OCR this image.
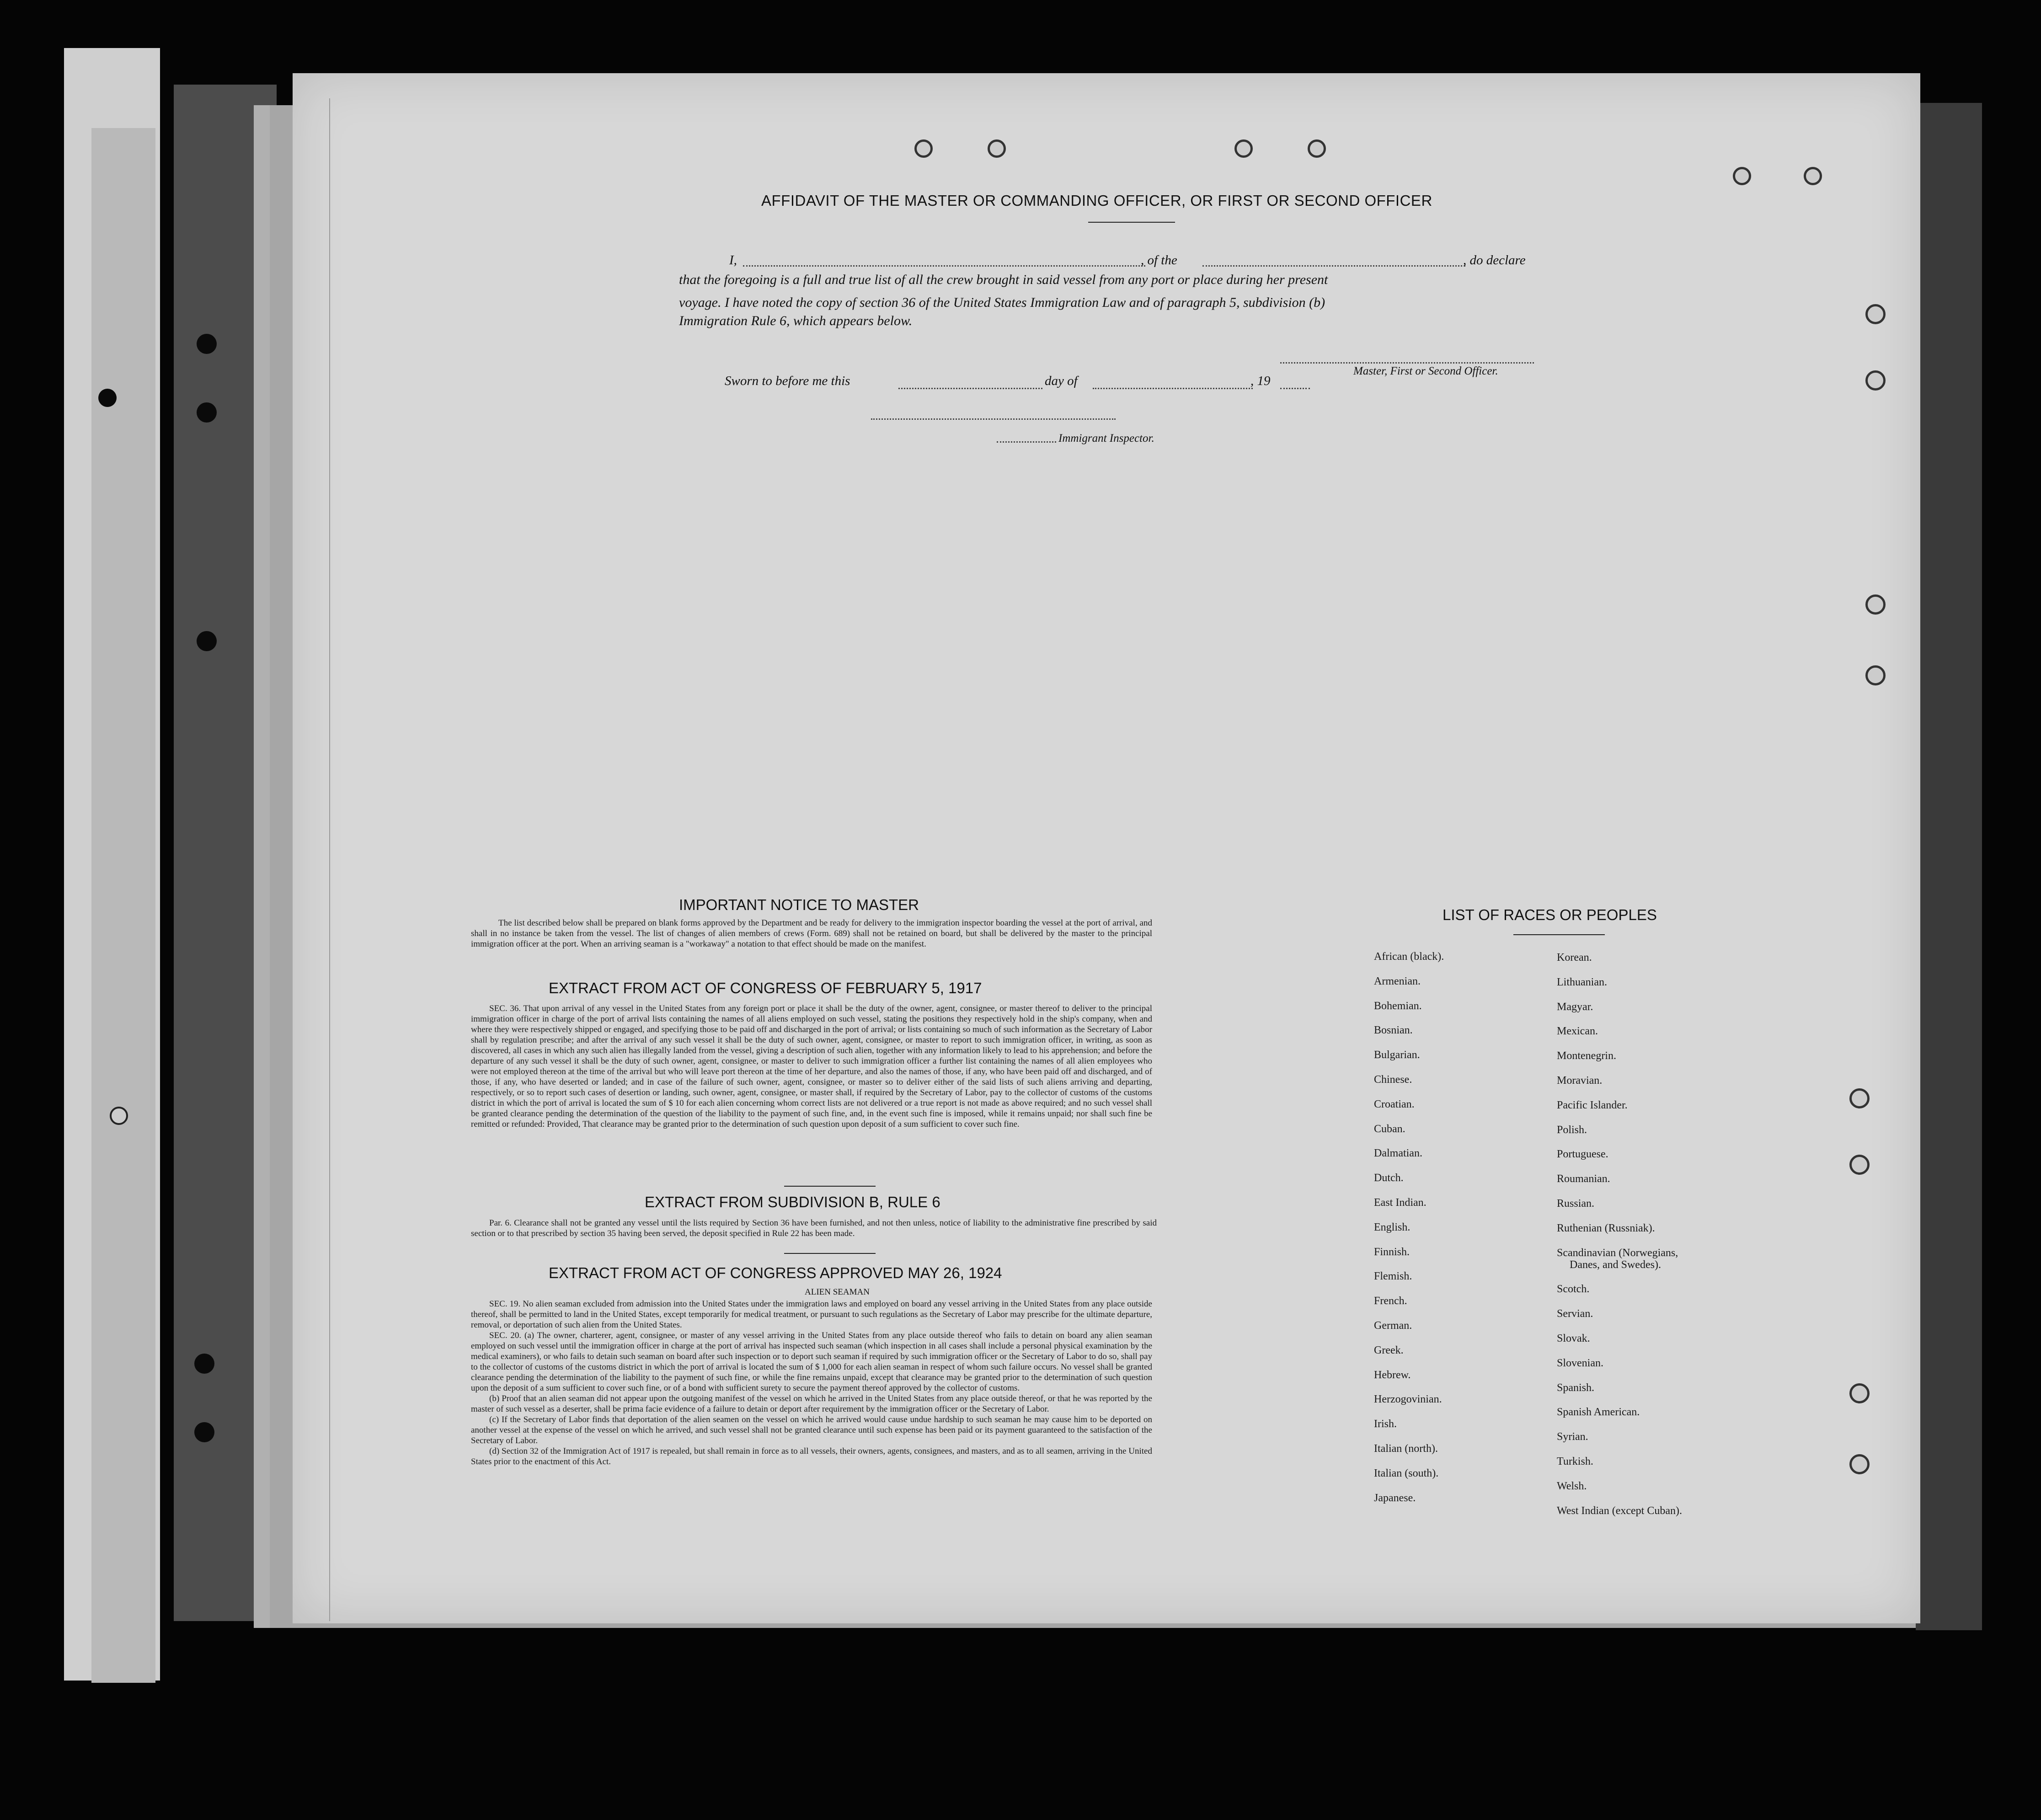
AFFIDAVIT OF THE MASTER OR COMMANDING OFFICER, OR FIRST OR SECOND OFFICER
I,	, of the	, do declare
that the foregoing is a full and true list of all the crew brought in said vessel from any port or place during her present
voyage. I have noted the copy of section 36 of the United States Immigration Law and of paragraph 5, subdivision (b)
Immigration Rule 6, which appears below.
Master, First or Second Officer.
Sworn to before me this	day of	, 19
Immigrant Inspector.
IMPORTANT NOTICE TO MASTER
The list described below shall be prepared on blank forms approved by the Department and be ready for delivery to the immigration inspector boarding the vessel at the port of arrival, and shall in no instance be taken from the vessel. The list of changes of alien members of crews (Form. 689) shall not be retained on board, but shall be delivered by the master to the principal immigration officer at the port. When an arriving seaman is a "workaway" a notation to that effect should be made on the manifest.
EXTRACT FROM ACT OF CONGRESS OF FEBRUARY 5, 1917
SEC. 36. That upon arrival of any vessel in the United States from any foreign port or place it shall be the duty of the owner, agent, consignee, or master thereof to deliver to the principal immigration officer in charge of the port of arrival lists containing the names of all aliens employed on such vessel, stating the positions they respectively hold in the ship's company, when and where they were respectively shipped or engaged, and specifying those to be paid off and discharged in the port of arrival; or lists containing so much of such information as the Secretary of Labor shall by regulation prescribe; and after the arrival of any such vessel it shall be the duty of such owner, agent, consignee, or master to report to such immigration officer, in writing, as soon as discovered, all cases in which any such alien has illegally landed from the vessel, giving a description of such alien, together with any information likely to lead to his apprehension; and before the departure of any such vessel it shall be the duty of such owner, agent, consignee, or master to deliver to such immigration officer a further list containing the names of all alien employees who were not employed thereon at the time of the arrival but who will leave port thereon at the time of her departure, and also the names of those, if any, who have been paid off and discharged, and of those, if any, who have deserted or landed; and in case of the failure of such owner, agent, consignee, or master so to deliver either of the said lists of such aliens arriving and departing, respectively, or so to report such cases of desertion or landing, such owner, agent, consignee, or master shall, if required by the Secretary of Labor, pay to the collector of customs of the customs district in which the port of arrival is located the sum of $ 10 for each alien concerning whom correct lists are not delivered or a true report is not made as above required; and no such vessel shall be granted clearance pending the determination of the question of the liability to the payment of such fine, and, in the event such fine is imposed, while it remains unpaid; nor shall such fine be remitted or refunded: Provided, That clearance may be granted prior to the determination of such question upon deposit of a sum sufficient to cover such fine.
EXTRACT FROM SUBDIVISION B, RULE 6
Par. 6. Clearance shall not be granted any vessel until the lists required by Section 36 have been furnished, and not then unless, notice of liability to the administrative fine prescribed by said section or to that prescribed by section 35 having been served, the deposit specified in Rule 22 has been made.
EXTRACT FROM ACT OF CONGRESS APPROVED MAY 26, 1924
ALIEN SEAMAN
SEC. 19. No alien seaman excluded from admission into the United States under the immigration laws and employed on board any vessel arriving in the United States from any place outside thereof, shall be permitted to land in the United States, except temporarily for medical treatment, or pursuant to such regulations as the Secretary of Labor may prescribe for the ultimate departure, removal, or deportation of such alien from the United States.
SEC. 20. (a) The owner, charterer, agent, consignee, or master of any vessel arriving in the United States from any place outside thereof who fails to detain on board any alien seaman employed on such vessel until the immigration officer in charge at the port of arrival has inspected such seaman (which inspection in all cases shall include a personal physical examination by the medical examiners), or who fails to detain such seaman on board after such inspection or to deport such seaman if required by such immigration officer or the Secretary of Labor to do so, shall pay to the collector of customs of the customs district in which the port of arrival is located the sum of $ 1,000 for each alien seaman in respect of whom such failure occurs. No vessel shall be granted clearance pending the determination of the liability to the payment of such fine, or while the fine remains unpaid, except that clearance may be granted prior to the determination of such question upon the deposit of a sum sufficient to cover such fine, or of a bond with sufficient surety to secure the payment thereof approved by the collector of customs.
(b) Proof that an alien seaman did not appear upon the outgoing manifest of the vessel on which he arrived in the United States from any place outside thereof, or that he was reported by the master of such vessel as a deserter, shall be prima facie evidence of a failure to detain or deport after requirement by the immigration officer or the Secretary of Labor.
(c) If the Secretary of Labor finds that deportation of the alien seamen on the vessel on which he arrived would cause undue hardship to such seaman he may cause him to be deported on another vessel at the expense of the vessel on which he arrived, and such vessel shall not be granted clearance until such expense has been paid or its payment guaranteed to the satisfaction of the Secretary of Labor.
(d) Section 32 of the Immigration Act of 1917 is repealed, but shall remain in force as to all vessels, their owners, agents, consignees, and masters, and as to all seamen, arriving in the United States prior to the enactment of this Act.
LIST OF RACES OR PEOPLES
African (black).
Armenian.
Bohemian.
Bosnian.
Bulgarian.
Chinese.
Croatian.
Cuban.
Dalmatian.
Dutch.
East Indian.
English.
Finnish.
Flemish.
French.
German.
Greek.
Hebrew.
Herzogovinian.
Irish.
Italian (north).
Italian (south).
Japanese.
Korean.
Lithuanian.
Magyar.
Mexican.
Montenegrin.
Moravian.
Pacific Islander.
Polish.
Portuguese.
Roumanian.
Russian.
Ruthenian (Russniak).
Scandinavian (Norwegians,
Danes, and Swedes).
Scotch.
Servian.
Slovak.
Slovenian.
Spanish.
Spanish American.
Syrian.
Turkish.
Welsh.
West Indian (except Cuban).
